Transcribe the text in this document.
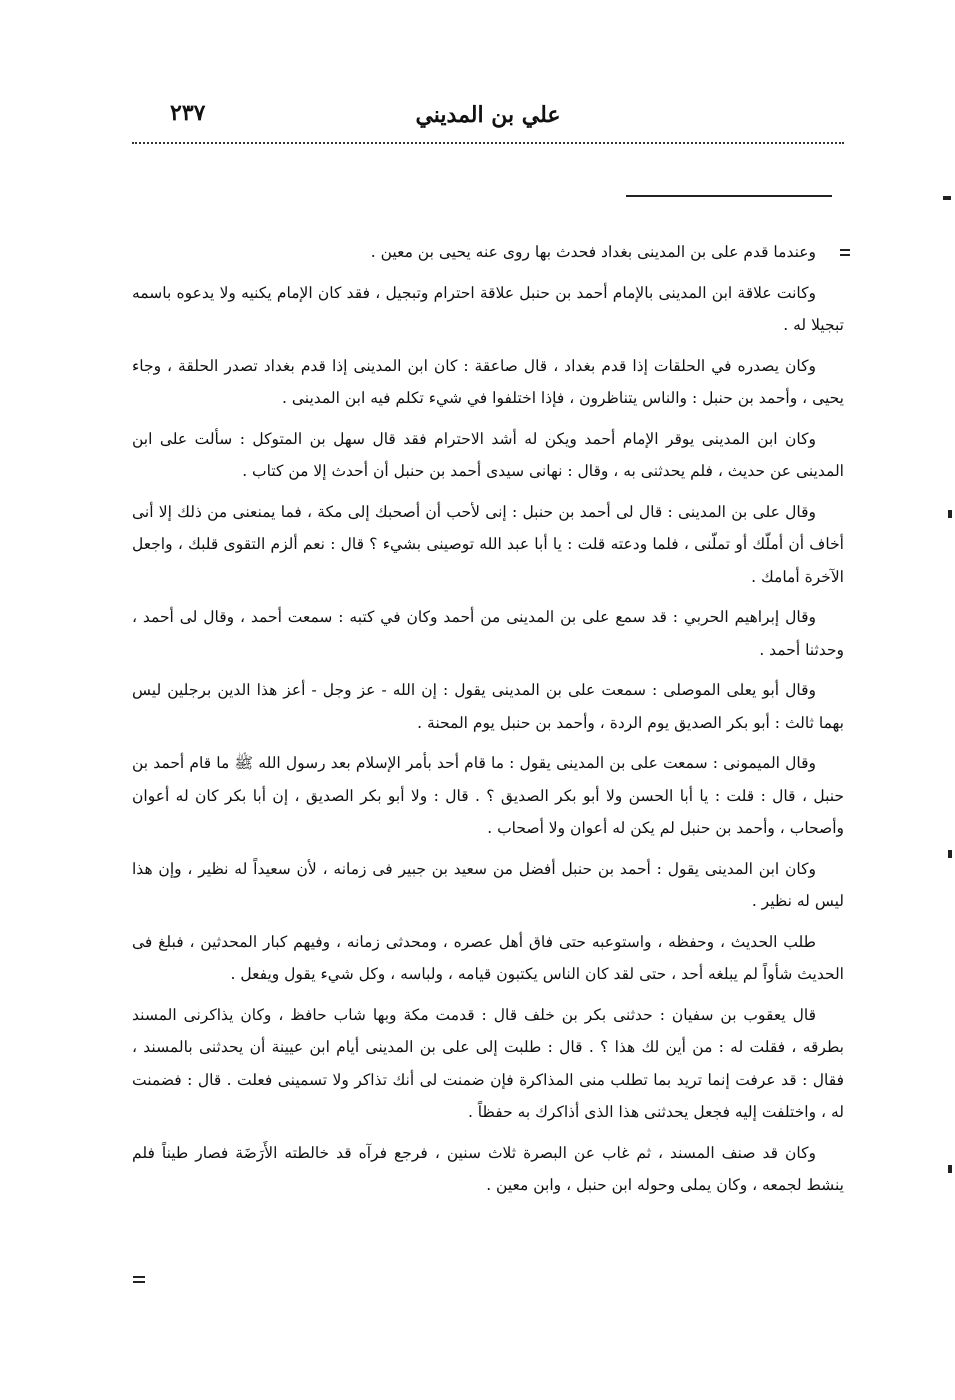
علي بن المديني
٢٣٧

وعندما قدم على بن المدينى بغداد فحدث بها روى عنه يحيى بن معين .

وكانت علاقة ابن المدينى بالإمام أحمد بن حنبل علاقة احترام وتبجيل ، فقد كان الإمام يكنيه ولا يدعوه باسمه تبجيلا له .

وكان يصدره في الحلقات إذا قدم بغداد ، قال صاعقة : كان ابن المدينى إذا قدم بغداد تصدر الحلقة ، وجاء يحيى ، وأحمد بن حنبل : والناس يتناظرون ، فإذا اختلفوا في شيء تكلم فيه ابن المدينى .

وكان ابن المدينى يوقر الإمام أحمد ويكن له أشد الاحترام فقد قال سهل بن المتوكل : سألت على ابن المدينى عن حديث ، فلم يحدثنى به ، وقال : نهانى سيدى أحمد بن حنبل أن أحدث إلا من كتاب .

وقال على بن المدينى : قال لى أحمد بن حنبل : إنى لأحب أن أصحبك إلى مكة ، فما يمنعنى من ذلك إلا أنى أخاف أن أملّك أو تملّنى ، فلما ودعته قلت : يا أبا عبد الله توصينى بشيء ؟ قال : نعم ألزم التقوى قلبك ، واجعل الآخرة أمامك .

وقال إبراهيم الحربي : قد سمع على بن المدينى من أحمد وكان في كتبه : سمعت أحمد ، وقال لى أحمد ، وحدثنا أحمد .

وقال أبو يعلى الموصلى : سمعت على بن المدينى يقول : إن الله - عز وجل - أعز هذا الدين برجلين ليس بهما ثالث : أبو بكر الصديق يوم الردة ، وأحمد بن حنبل يوم المحنة .

وقال الميمونى : سمعت على بن المدينى يقول : ما قام أحد بأمر الإسلام بعد رسول الله ﷺ ما قام أحمد بن حنبل ، قال : قلت : يا أبا الحسن ولا أبو بكر الصديق ؟ . قال : ولا أبو بكر الصديق ، إن أبا بكر كان له أعوان وأصحاب ، وأحمد بن حنبل لم يكن له أعوان ولا أصحاب .

وكان ابن المدينى يقول : أحمد بن حنبل أفضل من سعيد بن جبير فى زمانه ، لأن سعيداً له نظير ، وإن هذا ليس له نظير .

طلب الحديث ، وحفظه ، واستوعبه حتى فاق أهل عصره ، ومحدثى زمانه ، وفيهم كبار المحدثين ، فبلغ فى الحديث شأواً لم يبلغه أحد ، حتى لقد كان الناس يكتبون قيامه ، ولباسه ، وكل شيء يقول ويفعل .

قال يعقوب بن سفيان : حدثنى بكر بن خلف قال : قدمت مكة وبها شاب حافظ ، وكان يذاكرنى المسند بطرقه ، فقلت له : من أين لك هذا ؟ . قال : طلبت إلى على بن المدينى أيام ابن عيينة أن يحدثنى بالمسند ، فقال : قد عرفت إنما تريد بما تطلب منى المذاكرة فإن ضمنت لى أنك تذاكر ولا تسمينى فعلت . قال : فضمنت له ، واختلفت إليه فجعل يحدثنى هذا الذى أذاكرك به حفظاً .

وكان قد صنف المسند ، ثم غاب عن البصرة ثلاث سنين ، فرجع فرآه قد خالطته الأَرَضَة فصار طيناً فلم ينشط لجمعه ، وكان يملى وحوله ابن حنبل ، وابن معين .
